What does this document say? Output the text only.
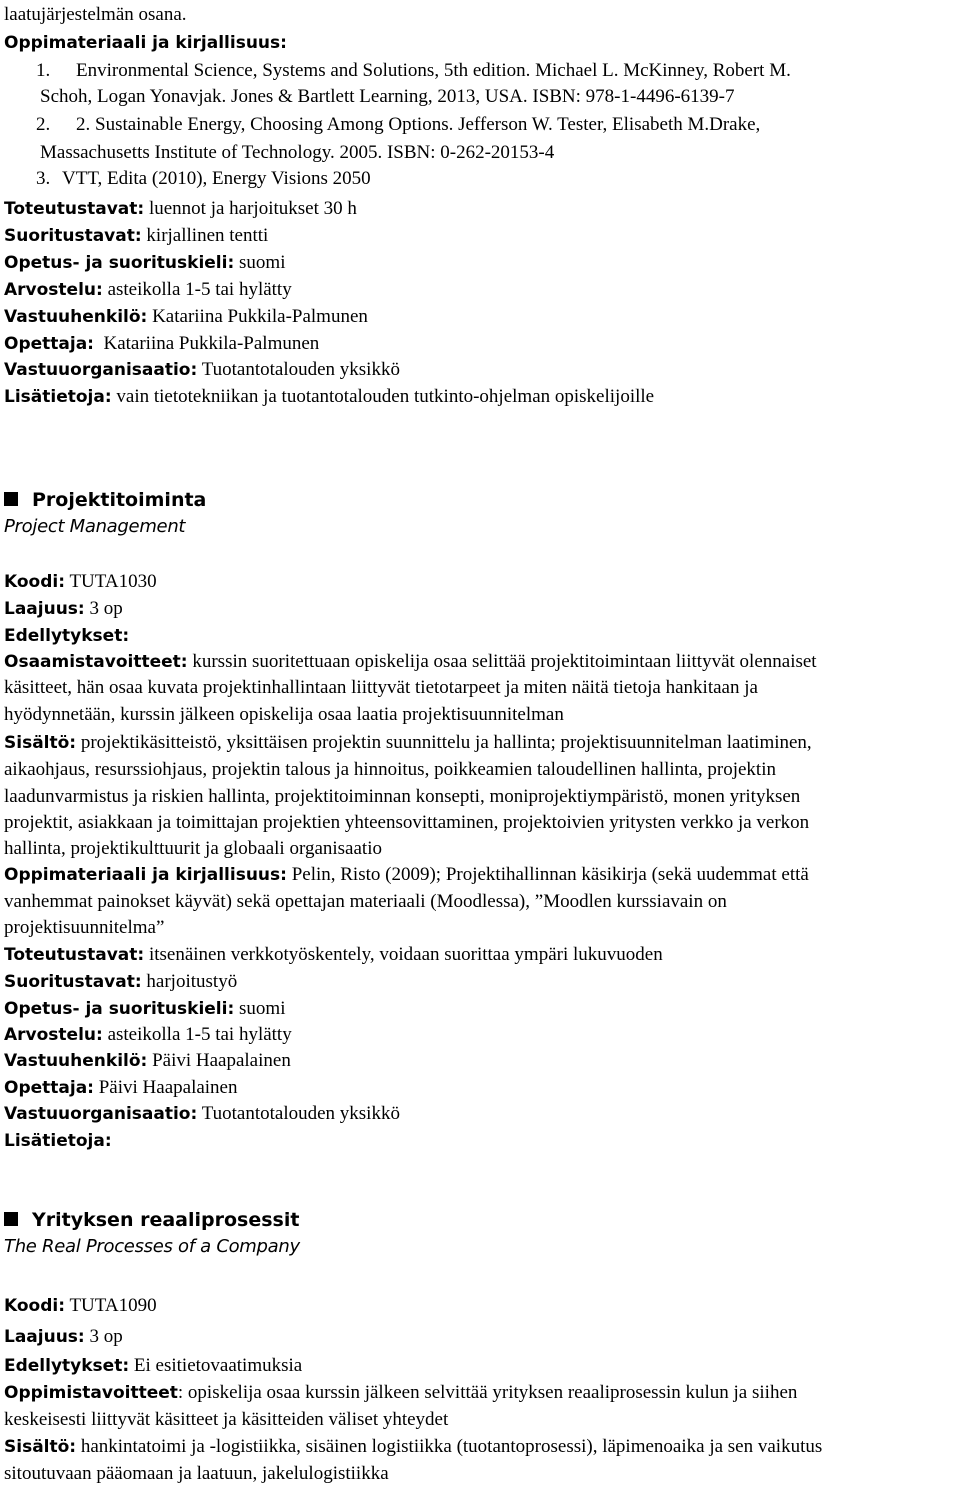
laatujärjestelmän osana.
Oppimateriaali ja kirjallisuus:
1. Environmental Science, Systems and Solutions, 5th edition. Michael L. McKinney, Robert M.
Schoh, Logan Yonavjak. Jones & Bartlett Learning, 2013, USA. ISBN: 978-1-4496-6139-7
2. 2. Sustainable Energy, Choosing Among Options. Jefferson W. Tester, Elisabeth M.Drake,
Massachusetts Institute of Technology. 2005. ISBN: 0-262-20153-4
3. VTT, Edita (2010), Energy Visions 2050
Toteutustavat: luennot ja harjoitukset 30 h
Suoritustavat: kirjallinen tentti
Opetus- ja suorituskieli: suomi
Arvostelu: asteikolla 1-5 tai hylätty
Vastuuhenkilö: Katariina Pukkila-Palmunen
Opettaja:  Katariina Pukkila-Palmunen
Vastuuorganisaatio: Tuotantotalouden yksikkö
Lisätietoja: vain tietotekniikan ja tuotantotalouden tutkinto-ohjelman opiskelijoille
Projektitoiminta
Project Management
Koodi: TUTA1030
Laajuus: 3 op
Edellytykset:
Osaamistavoitteet: kurssin suoritettuaan opiskelija osaa selittää projektitoimintaan liittyvät olennaiset
käsitteet, hän osaa kuvata projektinhallintaan liittyvät tietotarpeet ja miten näitä tietoja hankitaan ja
hyödynnetään, kurssin jälkeen opiskelija osaa laatia projektisuunnitelman
Sisältö: projektikäsitteistö, yksittäisen projektin suunnittelu ja hallinta; projektisuunnitelman laatiminen,
aikaohjaus, resurssiohjaus, projektin talous ja hinnoitus, poikkeamien taloudellinen hallinta, projektin
laadunvarmistus ja riskien hallinta, projektitoiminnan konsepti, moniprojektiympäristö, monen yrityksen
projektit, asiakkaan ja toimittajan projektien yhteensovittaminen, projektoivien yritysten verkko ja verkon
hallinta, projektikulttuurit ja globaali organisaatio
Oppimateriaali ja kirjallisuus: Pelin, Risto (2009); Projektihallinnan käsikirja (sekä uudemmat että
vanhemmat painokset käyvät) sekä opettajan materiaali (Moodlessa), ”Moodlen kurssiavain on
projektisuunnitelma”
Toteutustavat: itsenäinen verkkotyöskentely, voidaan suorittaa ympäri lukuvuoden
Suoritustavat: harjoitustyö
Opetus- ja suorituskieli: suomi
Arvostelu: asteikolla 1-5 tai hylätty
Vastuuhenkilö: Päivi Haapalainen
Opettaja: Päivi Haapalainen
Vastuuorganisaatio: Tuotantotalouden yksikkö
Lisätietoja:
Yrityksen reaaliprosessit
The Real Processes of a Company
Koodi: TUTA1090
Laajuus: 3 op
Edellytykset: Ei esitietovaatimuksia
Oppimistavoitteet: opiskelija osaa kurssin jälkeen selvittää yrityksen reaaliprosessin kulun ja siihen
keskeisesti liittyvät käsitteet ja käsitteiden väliset yhteydet
Sisältö: hankintatoimi ja -logistiikka, sisäinen logistiikka (tuotantoprosessi), läpimenoaika ja sen vaikutus
sitoutuvaan pääomaan ja laatuun, jakelulogistiikka
